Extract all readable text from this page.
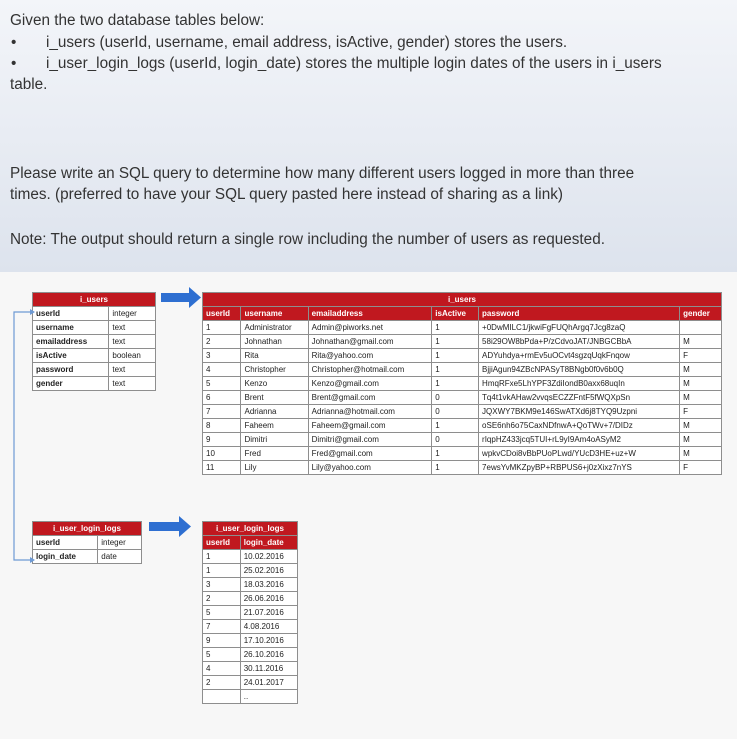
Given the two database tables below:

• i_users (userId, username, email address, isActive, gender) stores the users.
• i_user_login_logs (userId, login_date) stores the multiple login dates of the users in i_users

table.

Please write an SQL query to determine how many different users logged in more than three

times. (preferred to have your SQL query pasted here instead of sharing as a link)

Note: The output should return a single row including the number of users as requested.

i_users	
userId	integer
username	text
emailaddress	text
isActive	boolean
password	text
gender	text
i_user_login_logs	
userId	integer
login_date	date
i_users					
userId	username	emailaddress	isActive	password	gender
1	Administrator	Admin@piworks.net	1	+0DwMILC1/jkwiFgFUQhArgq7Jcg8zaQ	
2	Johnathan	Johnathan@gmail.com	1	58i29OW8bPda+P/zCdvoJAT/JNBGCBbA	M
3	Rita	Rita@yahoo.com	1	ADYuhdya+rmEv5uOCvt4sgzqUqkFnqow	F
4	Christopher	Christopher@hotmail.com	1	BjjiAgun94ZBcNPASyT8BNgb0f0v6b0Q	M
5	Kenzo	Kenzo@gmail.com	1	HmqRFxe5LhYPF3ZdiIondB0axx68uqIn	M
6	Brent	Brent@gmail.com	0	Tq4t1vkAHaw2vvqsECZZFntF5fWQXpSn	M
7	Adrianna	Adrianna@hotmail.com	0	JQXWY7BKM9e146SwATXd6j8TYQ9Uzpni	F
8	Faheem	Faheem@gmail.com	1	oSE6nh6o75CaxNDfnwA+QoTWv+7/DIDz	M
9	Dimitri	Dimitri@gmail.com	0	rIqpHZ433jcq5TUI+rL9yI9Am4oASyM2	M
10	Fred	Fred@gmail.com	1	wpkvCDoi8vBbPUoPLwd/YUcD3HE+uz+W	M
11	Lily	Lily@yahoo.com	1	7ewsYvMKZpyBP+RBPUS6+j0zXixz7nYS	F
i_user_login_logs	
userId	login_date
1	10.02.2016
1	25.02.2016
3	18.03.2016
2	26.06.2016
5	21.07.2016
7	4.08.2016
9	17.10.2016
5	26.10.2016
4	30.11.2016
2	24.01.2017
	..
